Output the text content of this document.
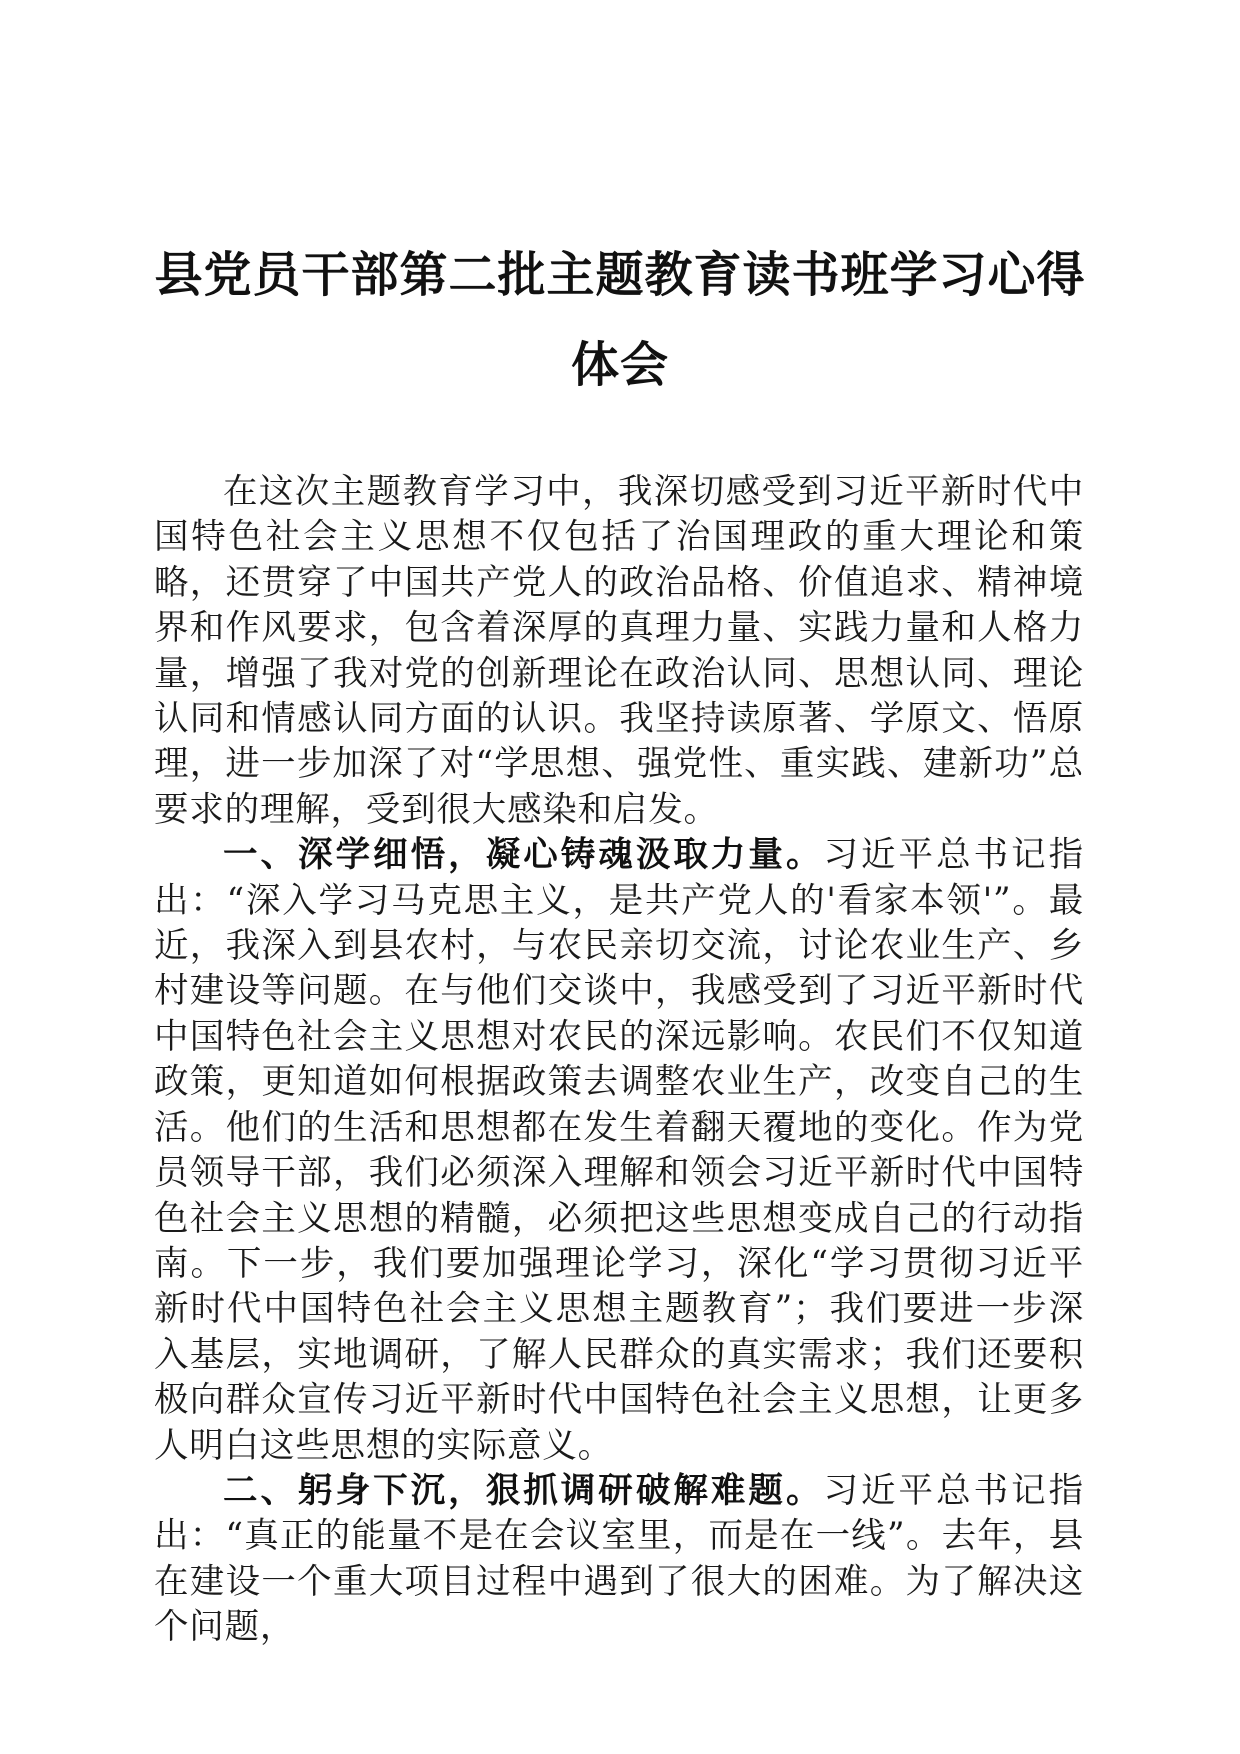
县党员干部第二批主题教育读书班学习心得体会

在这次主题教育学习中，我深切感受到习近平新时代中国特色社会主义思想不仅包括了治国理政的重大理论和策略，还贯穿了中国共产党人的政治品格、价值追求、精神境界和作风要求，包含着深厚的真理力量、实践力量和人格力量，增强了我对党的创新理论在政治认同、思想认同、理论认同和情感认同方面的认识。我坚持读原著、学原文、悟原理，进一步加深了对“学思想、强党性、重实践、建新功”总要求的理解，受到很大感染和启发。

一、深学细悟，凝心铸魂汲取力量。习近平总书记指出：“深入学习马克思主义，是共产党人的'看家本领'”。最近，我深入到县农村，与农民亲切交流，讨论农业生产、乡村建设等问题。在与他们交谈中，我感受到了习近平新时代中国特色社会主义思想对农民的深远影响。农民们不仅知道政策，更知道如何根据政策去调整农业生产，改变自己的生活。他们的生活和思想都在发生着翻天覆地的变化。作为党员领导干部，我们必须深入理解和领会习近平新时代中国特色社会主义思想的精髓，必须把这些思想变成自己的行动指南。下一步，我们要加强理论学习，深化“学习贯彻习近平新时代中国特色社会主义思想主题教育”；我们要进一步深入基层，实地调研，了解人民群众的真实需求；我们还要积极向群众宣传习近平新时代中国特色社会主义思想，让更多人明白这些思想的实际意义。

二、躬身下沉，狠抓调研破解难题。习近平总书记指出：“真正的能量不是在会议室里，而是在一线”。去年，县在建设一个重大项目过程中遇到了很大的困难。为了解决这个问题，
